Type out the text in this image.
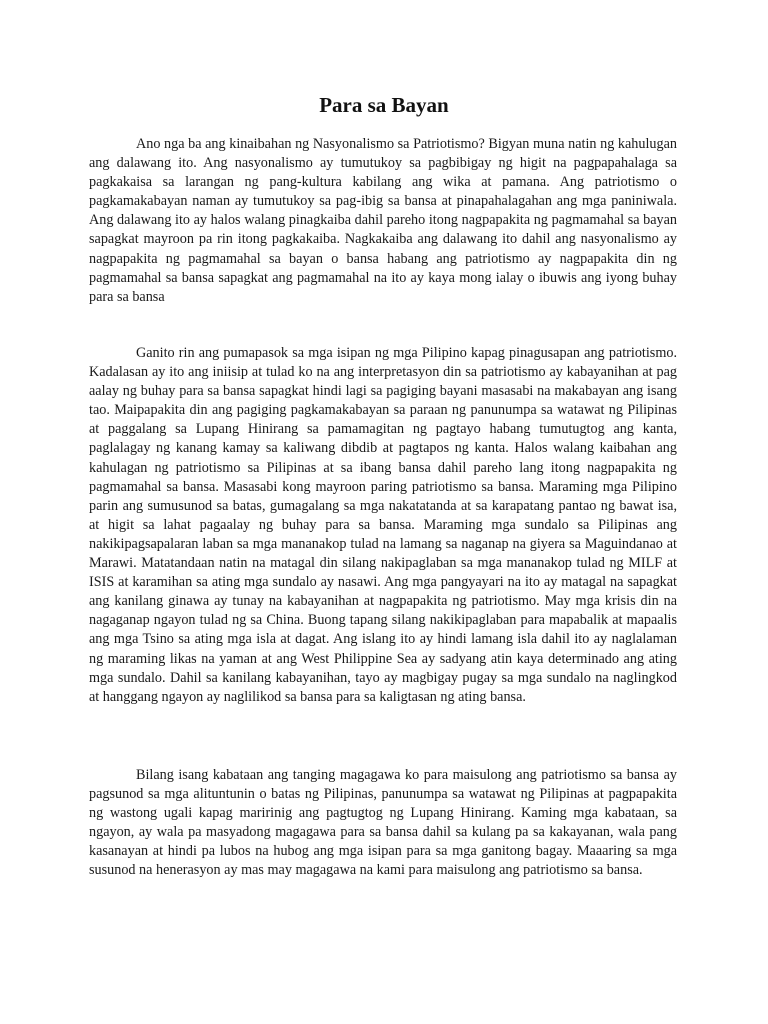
Para sa Bayan

Ano nga ba ang kinaibahan ng Nasyonalismo sa Patriotismo? Bigyan muna natin ng kahulugan ang dalawang ito. Ang nasyonalismo ay tumutukoy sa pagbibigay ng higit na pagpapahalaga sa pagkakaisa sa larangan ng pang-kultura kabilang ang wika at pamana. Ang patriotismo o pagkamakabayan naman ay tumutukoy sa pag-ibig sa bansa at pinapahalagahan ang mga paniniwala. Ang dalawang ito ay halos walang pinagkaiba dahil pareho itong nagpapakita ng pagmamahal sa bayan sapagkat mayroon pa rin itong pagkakaiba. Nagkakaiba ang dalawang ito dahil ang nasyonalismo ay nagpapakita ng pagmamahal sa bayan o bansa habang ang patriotismo ay nagpapakita din ng pagmamahal sa bansa sapagkat ang pagmamahal na ito ay kaya mong ialay o ibuwis ang iyong buhay para sa bansa

Ganito rin ang pumapasok sa mga isipan ng mga Pilipino kapag pinagusapan ang patriotismo. Kadalasan ay ito ang iniisip at tulad ko na ang interpretasyon din sa patriotismo ay kabayanihan at pag aalay ng buhay para sa bansa sapagkat hindi lagi sa pagiging bayani masasabi na makabayan ang isang tao. Maipapakita din ang pagiging pagkamakabayan sa paraan ng panunumpa sa watawat ng Pilipinas at paggalang sa Lupang Hinirang sa pamamagitan ng pagtayo habang tumutugtog ang kanta, paglalagay ng kanang kamay sa kaliwang dibdib at pagtapos ng kanta. Halos walang kaibahan ang kahulagan ng patriotismo sa Pilipinas at sa ibang bansa dahil pareho lang itong nagpapakita ng pagmamahal sa bansa. Masasabi kong mayroon paring patriotismo sa bansa. Maraming mga Pilipino parin ang sumusunod sa batas, gumagalang sa mga nakatatanda at sa karapatang pantao ng bawat isa, at higit sa lahat pagaalay ng buhay para sa bansa. Maraming mga sundalo sa Pilipinas ang nakikipagsapalaran laban sa mga mananakop tulad na lamang sa naganap na giyera sa Maguindanao at Marawi. Matatandaan natin na matagal din silang nakipaglaban sa mga mananakop tulad ng MILF at ISIS at karamihan sa ating mga sundalo ay nasawi. Ang mga pangyayari na ito ay matagal na sapagkat ang kanilang ginawa ay tunay na kabayanihan at nagpapakita ng patriotismo. May mga krisis din na nagaganap ngayon tulad ng sa China. Buong tapang silang nakikipaglaban para mapabalik at mapaalis ang mga Tsino sa ating mga isla at dagat. Ang islang ito ay hindi lamang isla dahil ito ay naglalaman ng maraming likas na yaman at ang West Philippine Sea ay sadyang atin kaya determinado ang ating mga sundalo. Dahil sa kanilang kabayanihan, tayo ay magbigay pugay sa mga sundalo na naglingkod at hanggang ngayon ay naglilikod sa bansa para sa kaligtasan ng ating bansa.

Bilang isang kabataan ang tanging magagawa ko para maisulong ang patriotismo sa bansa ay pagsunod sa mga alituntunin o batas ng Pilipinas, panunumpa sa watawat ng Pilipinas at pagpapakita ng wastong ugali kapag maririnig ang pagtugtog ng Lupang Hinirang. Kaming mga kabataan, sa ngayon, ay wala pa masyadong magagawa para sa bansa dahil sa kulang pa sa kakayanan, wala pang kasanayan at hindi pa lubos na hubog ang mga isipan para sa mga ganitong bagay. Maaaring sa mga susunod na henerasyon ay mas may magagawa na kami para maisulong ang patriotismo sa bansa.
